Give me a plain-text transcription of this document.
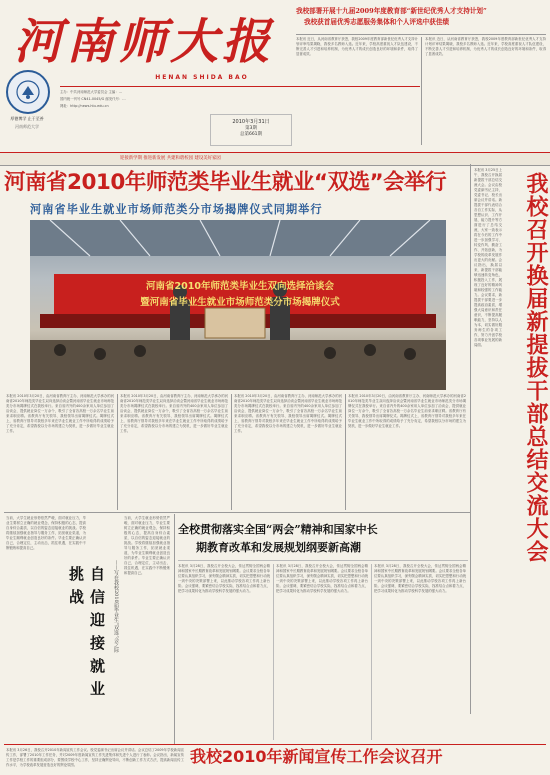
厚德博学 止于至善
河南师范大学
河南师大报
HENAN SHIDA BAO
主办：中共河南师范大学委员会 主编：…
国内统一刊号 CN41-0045/G 邮发代号：…
网址：http://news.htu.edu.cn
2010年3月31日
第3期
总第661期
我校部署开展十九届2009年度教育部“新世纪优秀人才支持计划”
我校获首届优秀志愿服务集体和个人评选中获佳绩
本报讯 近日，从河南省教育厅获悉，我校2009年度教育部新世纪优秀人才支持计划评审结果揭晓，我校多名教师入选。近年来，学校高度重视人才队伍建设，不断完善人才引进和培养机制，为优秀人才的成长创造良好的环境和条件，取得了显著成效。
本报讯 近日，从河南省教育厅获悉，我校2009年度教育部新世纪优秀人才支持计划评审结果揭晓，我校多名教师入选。近年来，学校高度重视人才队伍建设，不断完善人才引进和培养机制，为优秀人才的成长创造良好的环境和条件，取得了显著成效。
迎接新学期 推进新发展 共建和谐校园 建设美好家园
河南省2010年师范类毕业生就业“双选”会举行
河南省毕业生就业市场师范类分市场揭牌仪式同期举行
河南省2010年师范类毕业生双向选择洽谈会
暨河南省毕业生就业市场师范类分市场揭牌仪式	我校召开换届新提拔干部总结交流大会
本报讯 3月25日上午，我校召开换届新提拔干部总结交流大会。会议由校党委副书记主持，党委书记、校长出席会议并讲话。新提拔干部代表结合各自工作实际，从思想认识、工作开展、能力提升等方面进行了总结交流，大家一致表示将在今后的工作中进一步加强学习、转变作风、勤奋工作、开拓创新，为学校的改革发展作出更大的贡献。会议指出，换届以来，新提拔干部能够迅速转变角色，积极投入工作，展现了良好的精神风貌和较强的工作能力。会议要求，新提拔干部要进一步提高政治素质，增强大局意识和责任意识，不断提高履职能力，坚持以人为本，切实做好服务师生的各项工作，努力开创学校各项事业发展的新局面。
本报讯 2010年3月20日，由河南省教育厅主办、河南师范大学承办的河南省2010年师范类毕业生双向选择洽谈会暨河南省毕业生就业市场师范类分市场揭牌仪式在我校举行。来自省内外的400余家用人单位参加了洽谈会，提供就业岗位一万余个，吸引了全省各高校一万余名毕业生前来求职应聘。省教育厅有关领导、我校领导出席揭牌仪式。揭牌仪式上，省教育厅领导对我校多年来在毕业生就业工作中所取得的成绩给予了充分肯定，希望我校以分市场的建立为契机，进一步做好毕业生就业工作。
本报讯 2010年3月20日，由河南省教育厅主办、河南师范大学承办的河南省2010年师范类毕业生双向选择洽谈会暨河南省毕业生就业市场师范类分市场揭牌仪式在我校举行。来自省内外的400余家用人单位参加了洽谈会，提供就业岗位一万余个，吸引了全省各高校一万余名毕业生前来求职应聘。省教育厅有关领导、我校领导出席揭牌仪式。揭牌仪式上，省教育厅领导对我校多年来在毕业生就业工作中所取得的成绩给予了充分肯定，希望我校以分市场的建立为契机，进一步做好毕业生就业工作。
本报讯 2010年3月20日，由河南省教育厅主办、河南师范大学承办的河南省2010年师范类毕业生双向选择洽谈会暨河南省毕业生就业市场师范类分市场揭牌仪式在我校举行。来自省内外的400余家用人单位参加了洽谈会，提供就业岗位一万余个，吸引了全省各高校一万余名毕业生前来求职应聘。省教育厅有关领导、我校领导出席揭牌仪式。揭牌仪式上，省教育厅领导对我校多年来在毕业生就业工作中所取得的成绩给予了充分肯定，希望我校以分市场的建立为契机，进一步做好毕业生就业工作。
本报讯 2010年3月20日，由河南省教育厅主办、河南师范大学承办的河南省2010年师范类毕业生双向选择洽谈会暨河南省毕业生就业市场师范类分市场揭牌仪式在我校举行。来自省内外的400余家用人单位参加了洽谈会，提供就业岗位一万余个，吸引了全省各高校一万余名毕业生前来求职应聘。省教育厅有关领导、我校领导出席揭牌仪式。揭牌仪式上，省教育厅领导对我校多年来在毕业生就业工作中所取得的成绩给予了充分肯定，希望我校以分市场的建立为契机，进一步做好毕业生就业工作。
当前，大学生就业形势依然严峻，面对就业压力，毕业生要树立正确的就业观念，保持积极的心态，提高自身综合素质，以自信的姿态迎接就业的挑战。学校将继续加强就业指导与服务工作，拓宽就业渠道，为毕业生顺利就业创造良好的条件。毕业生要正确认识自己，合理定位，主动出击，抓住机遇，在实践中不断锻炼和提高自己。
自信迎接就业挑战	——写在我校2010届毕业生“双选”会之际
当前，大学生就业形势依然严峻，面对就业压力，毕业生要树立正确的就业观念，保持积极的心态，提高自身综合素质，以自信的姿态迎接就业的挑战。学校将继续加强就业指导与服务工作，拓宽就业渠道，为毕业生顺利就业创造良好的条件。毕业生要正确认识自己，合理定位，主动出击，抓住机遇，在实践中不断锻炼和提高自己。
全校贯彻落实全国“两会”精神和国家中长
期教育改革和发展规划纲要新高潮
本报讯 3月28日，我校召开全校大会，传达贯彻全国两会精神和国家中长期教育改革和发展规划纲要。会议要求全校各单位要认真组织学习，深刻领会精神实质，切实把思想和行动统一到中央的决策部署上来，以此推动学校各项工作再上新台阶。会议强调，要紧密结合学校实际，找准结合点和着力点，把学习成果转化为推动学校科学发展的强大动力。
本报讯 3月28日，我校召开全校大会，传达贯彻全国两会精神和国家中长期教育改革和发展规划纲要。会议要求全校各单位要认真组织学习，深刻领会精神实质，切实把思想和行动统一到中央的决策部署上来，以此推动学校各项工作再上新台阶。会议强调，要紧密结合学校实际，找准结合点和着力点，把学习成果转化为推动学校科学发展的强大动力。
本报讯 3月28日，我校召开全校大会，传达贯彻全国两会精神和国家中长期教育改革和发展规划纲要。会议要求全校各单位要认真组织学习，深刻领会精神实质，切实把思想和行动统一到中央的决策部署上来，以此推动学校各项工作再上新台阶。会议强调，要紧密结合学校实际，找准结合点和着力点，把学习成果转化为推动学校科学发展的强大动力。
我校2010年新闻宣传工作会议召开
本报讯 3月26日，我校召开2010年新闻宣传工作会议。校党委副书记出席会议并讲话。会议总结了2009年学校新闻宣传工作，部署了2010年工作任务，并对2009年度新闻宣传工作先进集体和先进个人进行了表彰。会议指出，新闻宣传工作是学校工作的重要组成部分，要围绕学校中心工作，坚持正确舆论导向，不断创新工作方式方法，提高新闻宣传工作水平，为学校改革发展营造良好的舆论氛围。
